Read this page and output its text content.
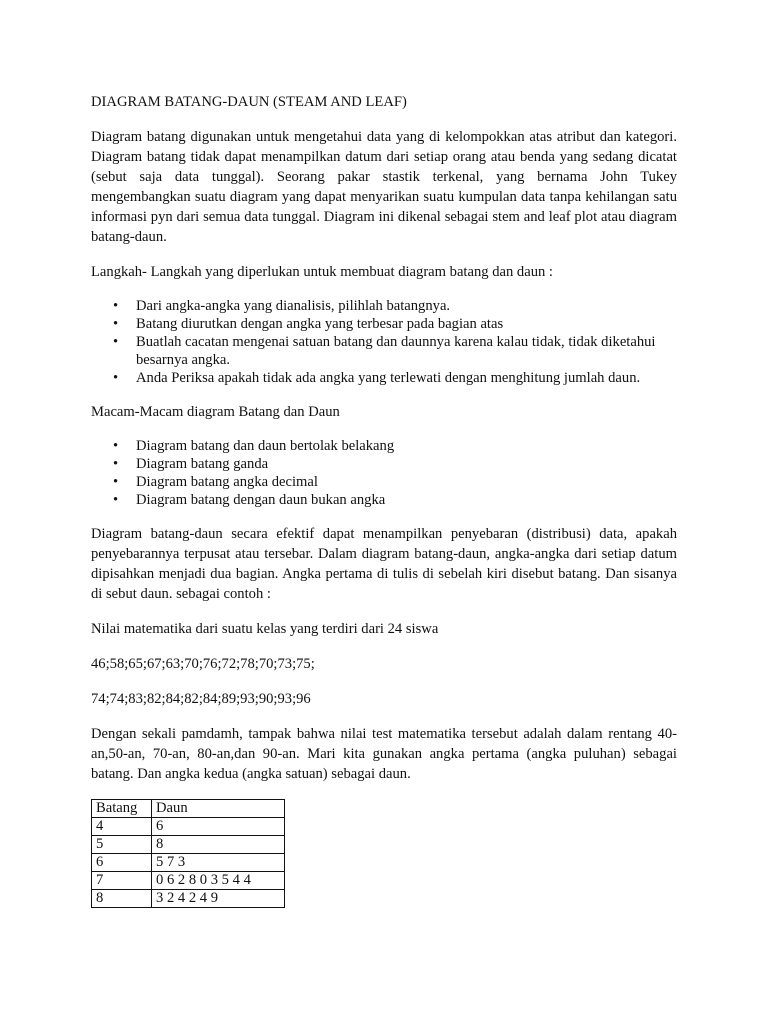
DIAGRAM BATANG-DAUN (STEAM AND LEAF)

Diagram batang digunakan untuk mengetahui data yang di kelompokkan atas atribut dan kategori. Diagram batang tidak dapat menampilkan datum dari setiap orang atau benda yang sedang dicatat (sebut saja data tunggal). Seorang pakar stastik terkenal, yang bernama John Tukey mengembangkan suatu diagram yang dapat menyarikan suatu kumpulan data tanpa kehilangan satu informasi pyn dari semua data tunggal. Diagram ini dikenal sebagai stem and leaf plot atau diagram batang-daun.

Langkah- Langkah yang diperlukan untuk membuat diagram batang dan daun :

• Dari angka-angka yang dianalisis, pilihlah batangnya.
• Batang diurutkan dengan angka yang terbesar pada bagian atas
• Buatlah cacatan mengenai satuan batang dan daunnya karena kalau tidak, tidak diketahui besarnya angka.
• Anda Periksa apakah tidak ada angka yang terlewati dengan menghitung jumlah daun.

Macam-Macam diagram Batang dan Daun

• Diagram batang dan daun bertolak belakang
• Diagram batang ganda
• Diagram batang angka decimal
• Diagram batang dengan daun bukan angka

Diagram batang-daun secara efektif dapat menampilkan penyebaran (distribusi) data, apakah penyebarannya terpusat atau tersebar. Dalam diagram batang-daun, angka-angka dari setiap datum dipisahkan menjadi dua bagian. Angka pertama di tulis di sebelah kiri disebut batang. Dan sisanya di sebut daun. sebagai contoh :

Nilai matematika dari suatu kelas yang terdiri dari 24 siswa

46;58;65;67;63;70;76;72;78;70;73;75;

74;74;83;82;84;82;84;89;93;90;93;96

Dengan sekali pamdamh, tampak bahwa nilai test matematika tersebut adalah dalam rentang 40-an,50-an, 70-an, 80-an,dan 90-an. Mari kita gunakan angka pertama (angka puluhan) sebagai batang. Dan angka kedua (angka satuan) sebagai daun.

Batang	Daun
4	6
5	8
6	5 7 3
7	0 6 2 8 0 3 5 4 4
8	3 2 4 2 4 9
